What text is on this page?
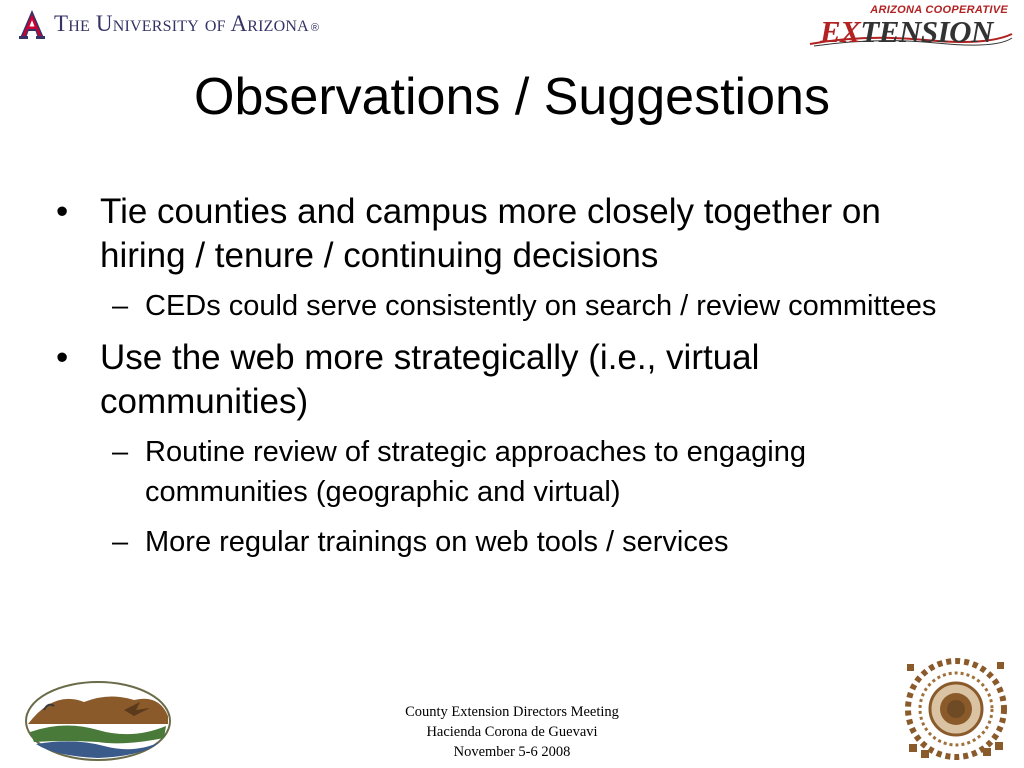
The University of Arizona ®
ARIZONA COOPERATIVE
EXTENSION
Observations / Suggestions
• Tie counties and campus more closely together on hiring / tenure / continuing decisions
– CEDs could serve consistently on search / review committees
• Use the web more strategically (i.e., virtual communities)
– Routine review of strategic approaches to engaging communities (geographic and virtual)
– More regular trainings on web tools / services
County Extension Directors Meeting
Hacienda Corona de Guevavi
November 5-6 2008
